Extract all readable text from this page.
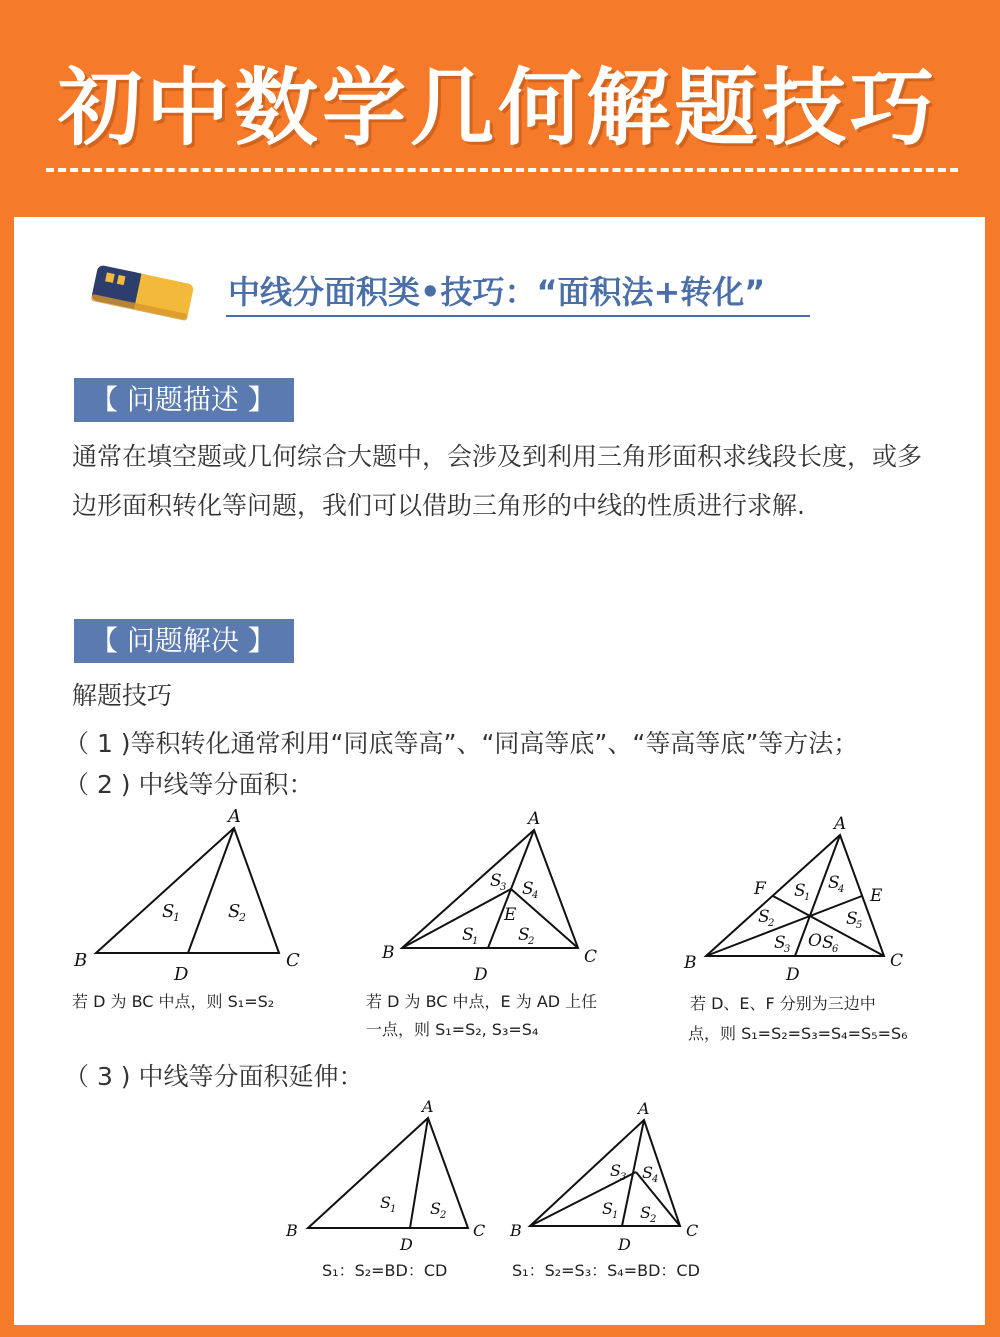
初中数学几何解题技巧
中线分面积类•技巧：“面积法+转化”
【 问题描述 】
通常在填空题或几何综合大题中，会涉及到利用三角形面积求线段长度，或多边形面积转化等问题，我们可以借助三角形的中线的性质进行求解.
【 问题解决 】
解题技巧
（ 1 )等积转化通常利用“同底等高”、“同高等底”、“等高等底”等方法；
（ 2 ) 中线等分面积：
A
B	C
D
S
1	S
2
若 D 为 BC 中点，则 S₁=S₂
A
B	C
D
E
S
1 S
2
S
3 S
4
若 D 为 BC 中点，E 为 AD 上任
一点，则 S₁=S₂, S₃=S₄
A
B	C
D
E
F
O
S
1
S
2
S
3
S
4
S
5
S
6
若 D、E、F 分别为三边中
点，则 S₁=S₂=S₃=S₄=S₅=S₆
（ 3 ) 中线等分面积延伸：
A
B	C
D
S 1 S 2
S₁：S₂=BD：CD
A
B	C
D
S 1 S 2
S 3 S 4
S₁：S₂=S₃：S₄=BD：CD
